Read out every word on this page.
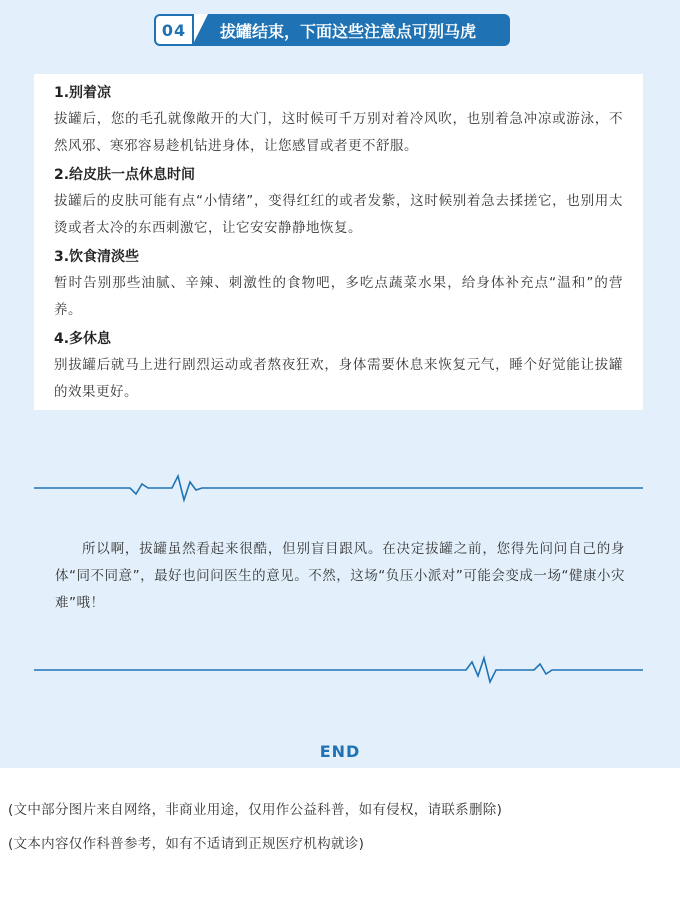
04	拔罐结束，下面这些注意点可别马虎

1.别着凉

拔罐后，您的毛孔就像敞开的大门，这时候可千万别对着冷风吹，也别着急冲凉或游泳，不然风邪、寒邪容易趁机钻进身体，让您感冒或者更不舒服。

2.给皮肤一点休息时间

拔罐后的皮肤可能有点“小情绪”，变得红红的或者发紫，这时候别着急去揉搓它，也别用太烫或者太冷的东西刺激它，让它安安静静地恢复。

3.饮食清淡些

暂时告别那些油腻、辛辣、刺激性的食物吧，多吃点蔬菜水果，给身体补充点“温和”的营养。

4.多休息

别拔罐后就马上进行剧烈运动或者熬夜狂欢，身体需要休息来恢复元气，睡个好觉能让拔罐的效果更好。

所以啊，拔罐虽然看起来很酷，但别盲目跟风。在决定拔罐之前，您得先问问自己的身体“同不同意”，最好也问问医生的意见。不然，这场“负压小派对”可能会变成一场“健康小灾难”哦！

END

(文中部分图片来自网络，非商业用途，仅用作公益科普，如有侵权，请联系删除)

(文本内容仅作科普参考，如有不适请到正规医疗机构就诊)
